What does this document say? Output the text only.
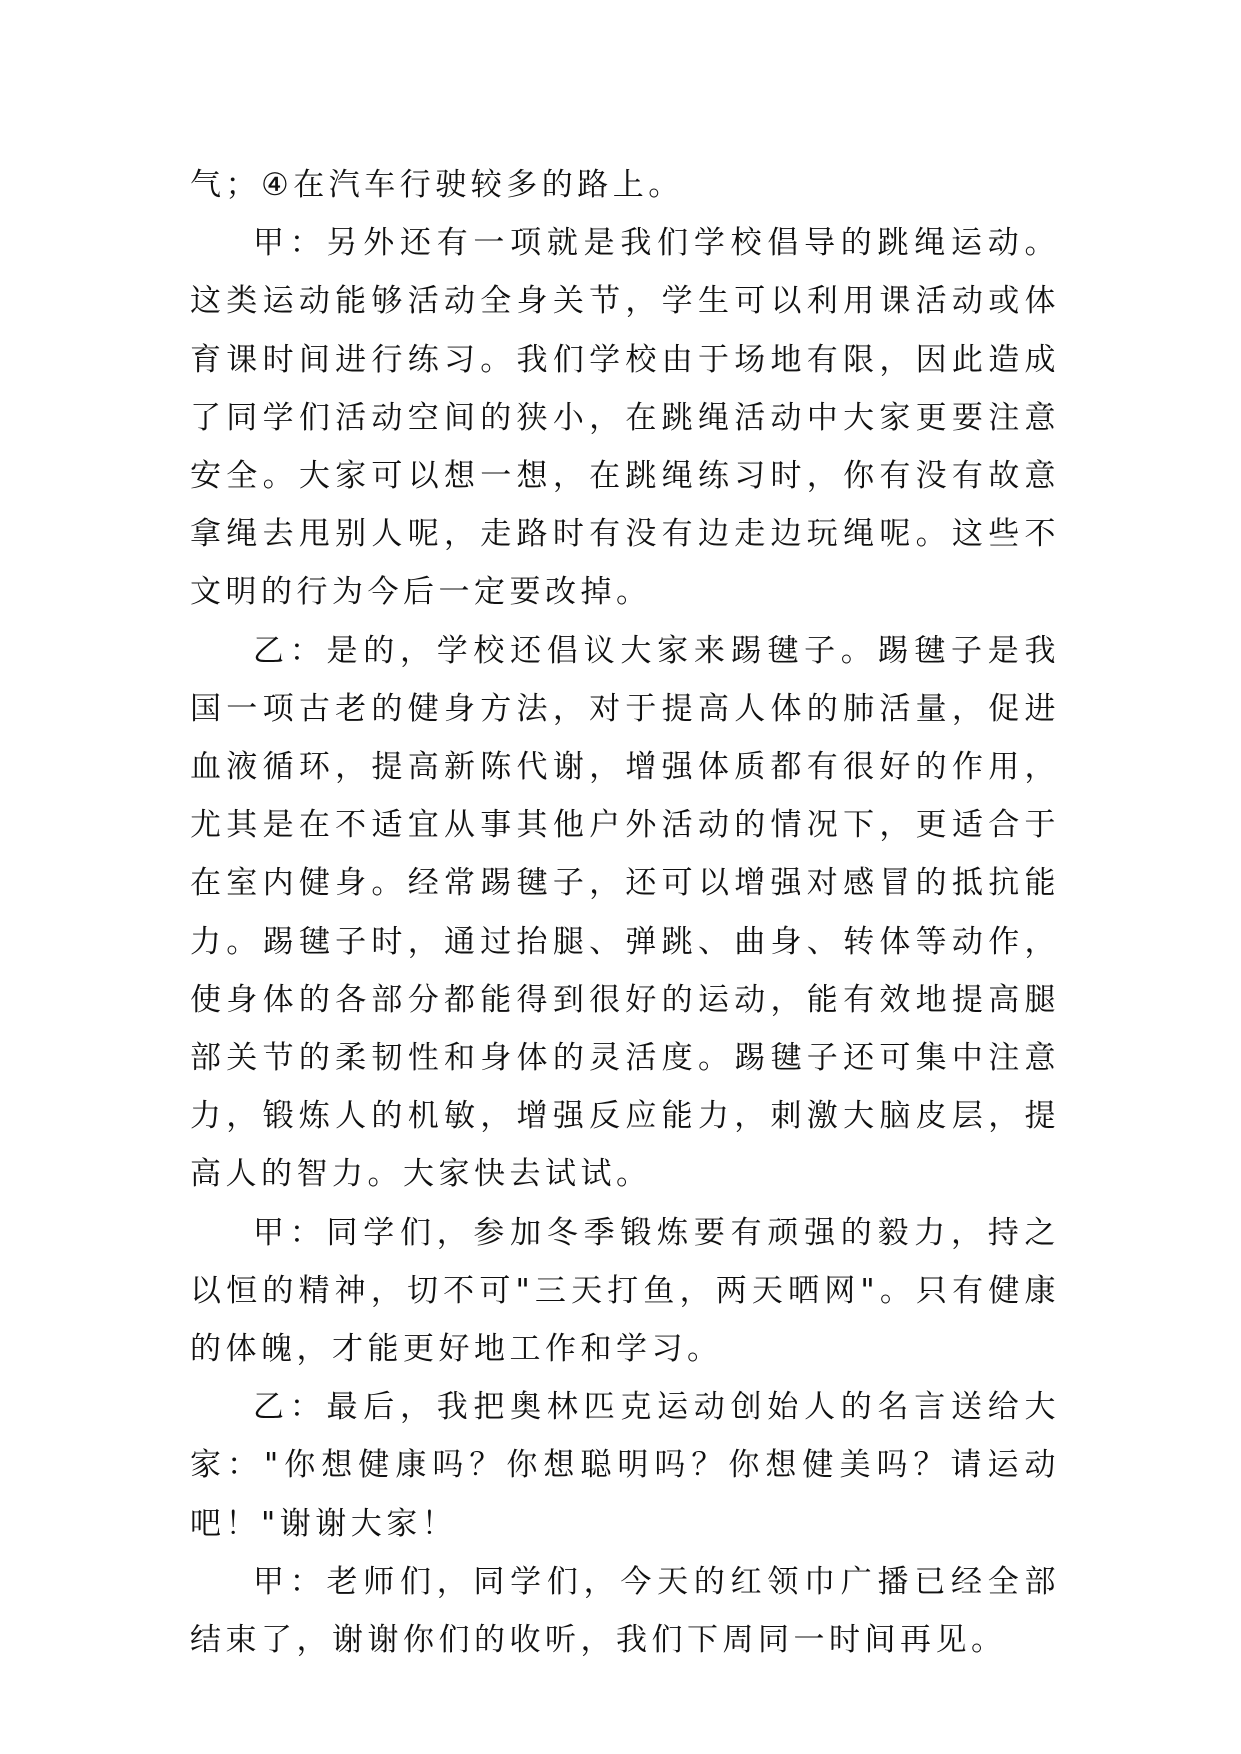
气；④在汽车行驶较多的路上。

甲：另外还有一项就是我们学校倡导的跳绳运动。这类运动能够活动全身关节，学生可以利用课活动或体育课时间进行练习。我们学校由于场地有限，因此造成了同学们活动空间的狭小，在跳绳活动中大家更要注意安全。大家可以想一想，在跳绳练习时，你有没有故意拿绳去甩别人呢，走路时有没有边走边玩绳呢。这些不文明的行为今后一定要改掉。

乙：是的，学校还倡议大家来踢毽子。踢毽子是我国一项古老的健身方法，对于提高人体的肺活量，促进血液循环，提高新陈代谢，增强体质都有很好的作用，尤其是在不适宜从事其他户外活动的情况下，更适合于在室内健身。经常踢毽子，还可以增强对感冒的抵抗能力。踢毽子时，通过抬腿、弹跳、曲身、转体等动作，使身体的各部分都能得到很好的运动，能有效地提高腿部关节的柔韧性和身体的灵活度。踢毽子还可集中注意力，锻炼人的机敏，增强反应能力，刺激大脑皮层，提高人的智力。大家快去试试。

甲：同学们，参加冬季锻炼要有顽强的毅力，持之以恒的精神，切不可"三天打鱼，两天晒网"。只有健康的体魄，才能更好地工作和学习。

乙：最后，我把奥林匹克运动创始人的名言送给大家："你想健康吗？你想聪明吗？你想健美吗？请运动吧！"谢谢大家！

甲：老师们，同学们，今天的红领巾广播已经全部结束了，谢谢你们的收听，我们下周同一时间再见。
